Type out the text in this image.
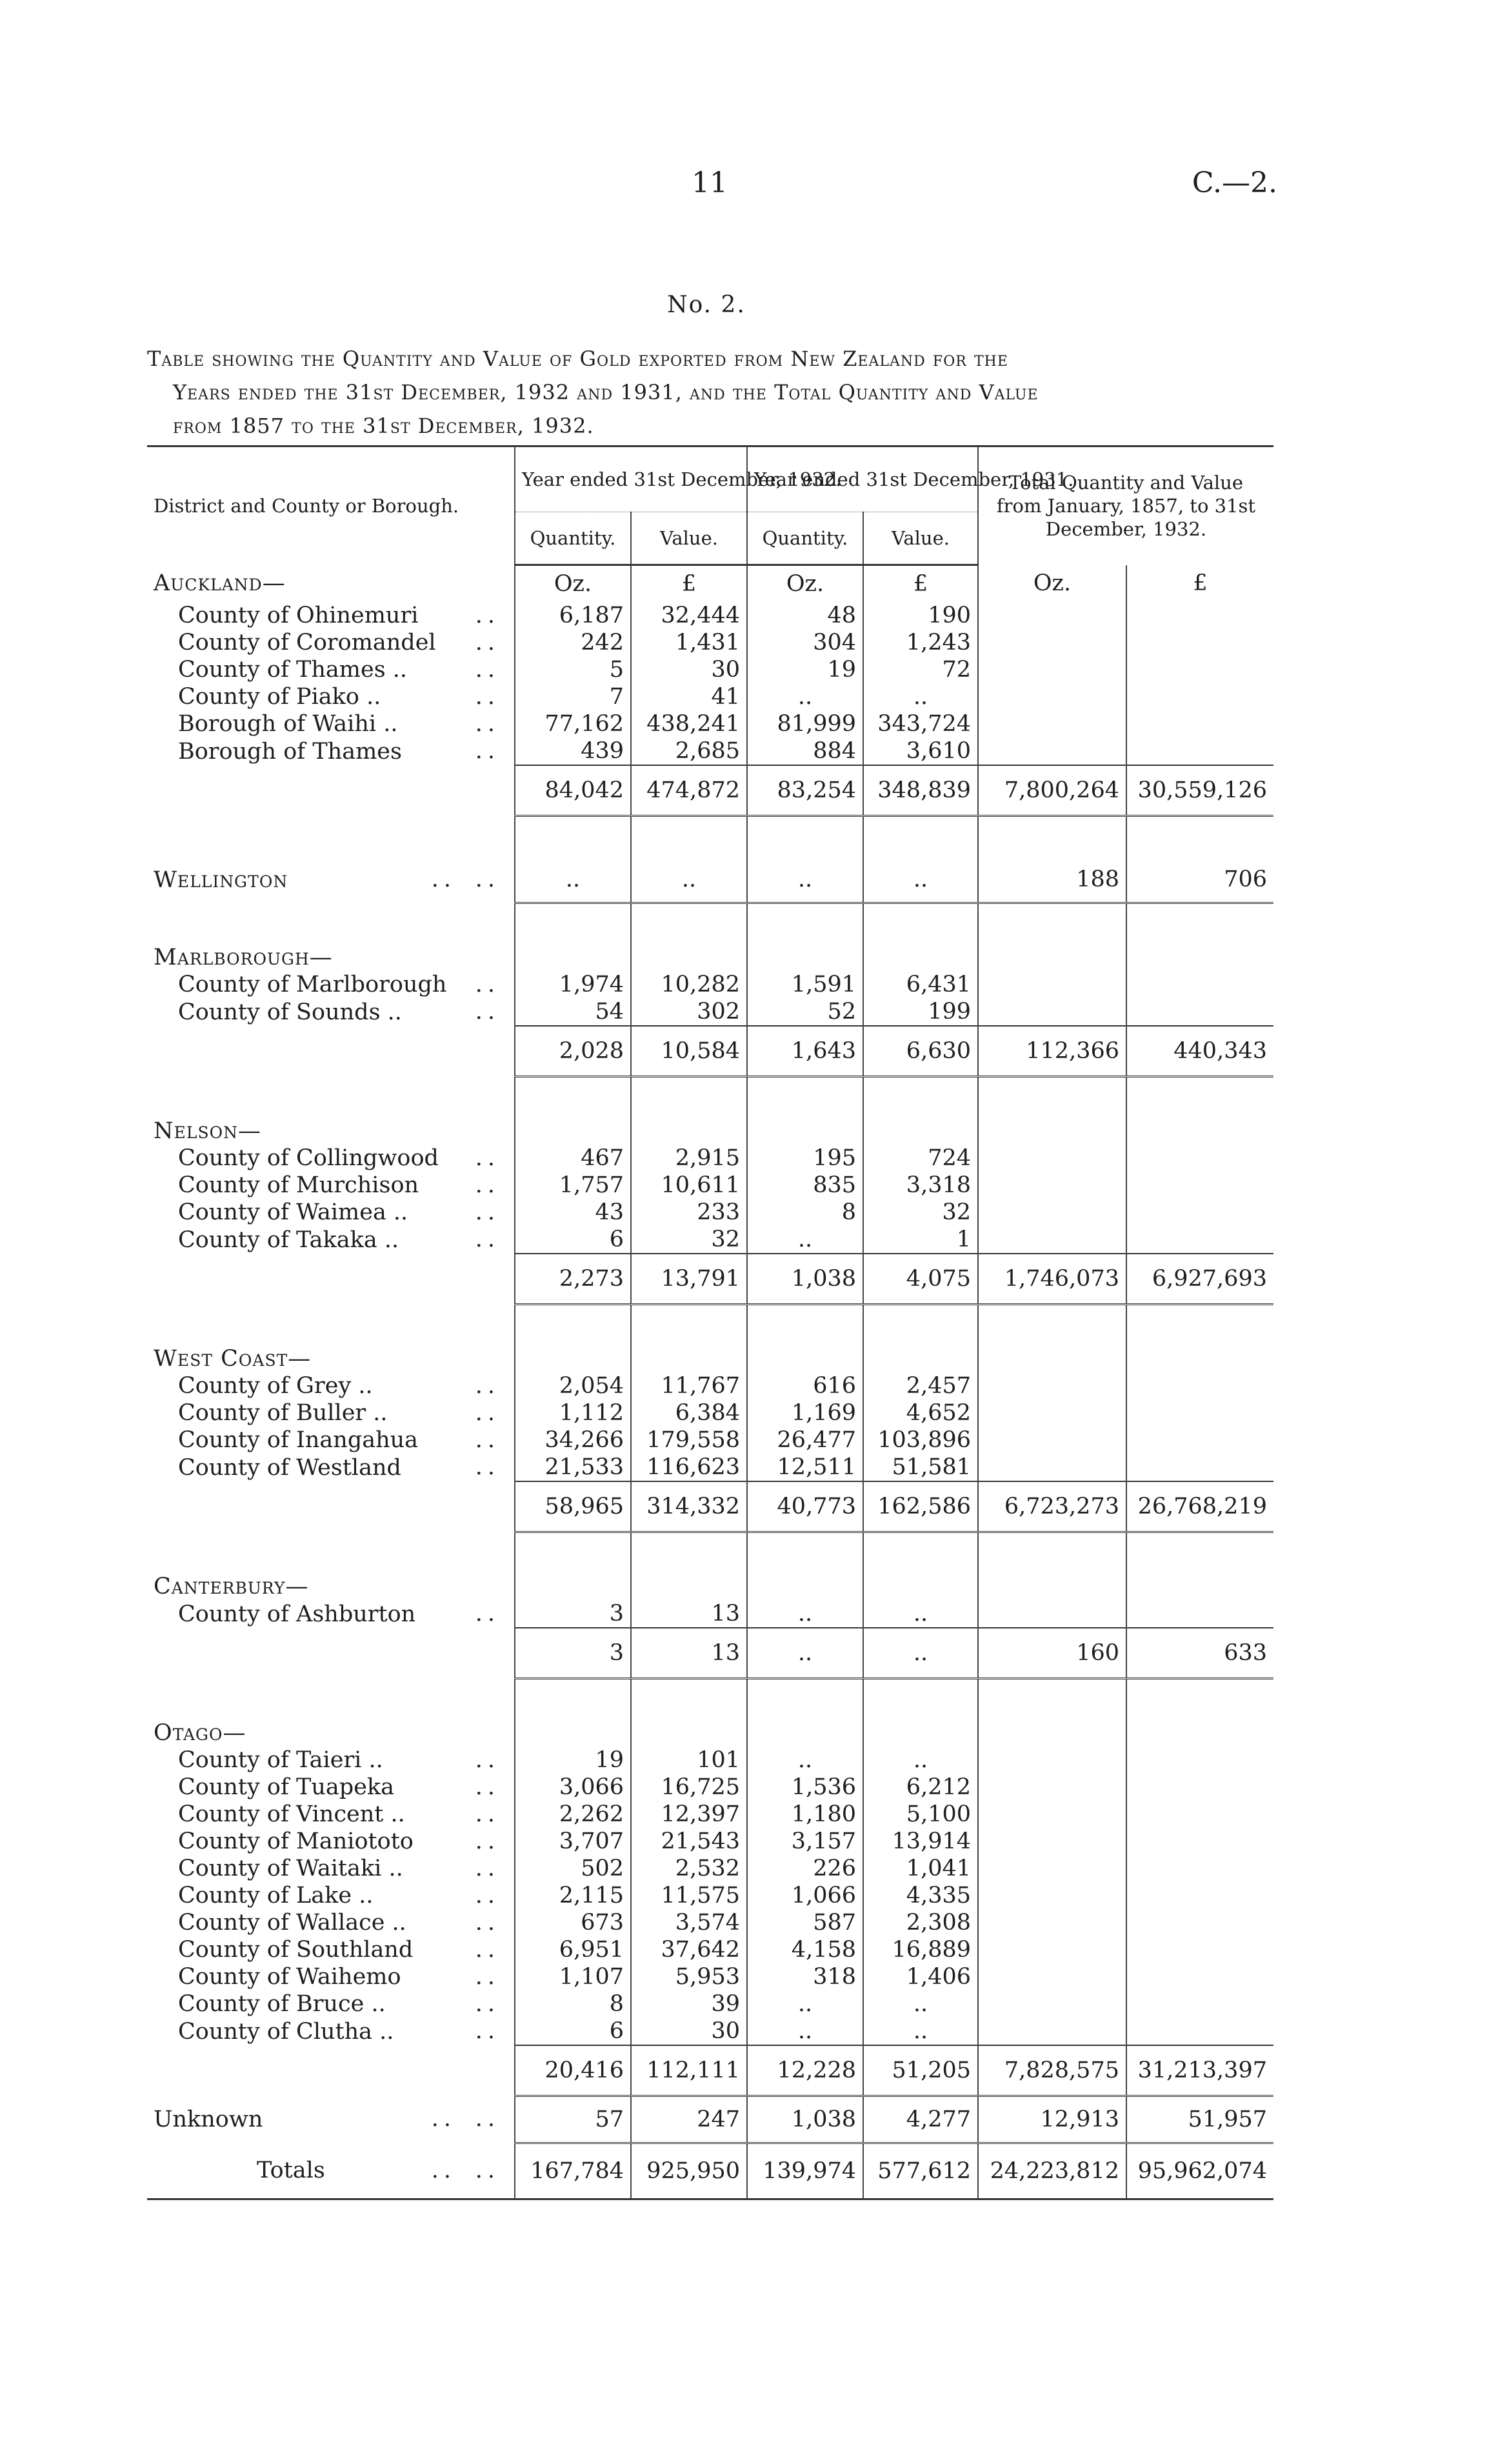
11	C.—2.
No. 2.
Table showing the Quantity and Value of Gold exported from New Zealand for the
Years ended the 31st December, 1932 and 1931, and the Total Quantity and Value
from 1857 to the 31st December, 1932.
District and County or Borough.	Year ended 31st December, 1932.		Year ended 31st December, 1931.		Total Quantity and Value from January, 1857, to 31st December, 1932.	
	Quantity.	Value.	Quantity.	Value.		
Auckland—	Oz.	£	Oz.	£	Oz.	£
County of Ohinemuri ..	6,187	32,444	48	190		
County of Coromandel ..	242	1,431	304	1,243		
County of Thames .. ..	5	30	19	72		
County of Piako .. ..	7	41	..	..		
Borough of Waihi .. ..	77,162	438,241	81,999	343,724		
Borough of Thames ..	439	2,685	884	3,610		
	84,042	474,872	83,254	348,839	7,800,264	30,559,126

Wellington .. ..	..	..	..	..	188	706

Marlborough—						
County of Marlborough ..	1,974	10,282	1,591	6,431		
County of Sounds .. ..	54	302	52	199		
	2,028	10,584	1,643	6,630	112,366	440,343

Nelson—						
County of Collingwood ..	467	2,915	195	724		
County of Murchison ..	1,757	10,611	835	3,318		
County of Waimea .. ..	43	233	8	32		
County of Takaka .. ..	6	32	..	1		
	2,273	13,791	1,038	4,075	1,746,073	6,927,693

West Coast—						
County of Grey .. ..	2,054	11,767	616	2,457		
County of Buller .. ..	1,112	6,384	1,169	4,652		
County of Inangahua ..	34,266	179,558	26,477	103,896		
County of Westland ..	21,533	116,623	12,511	51,581		
	58,965	314,332	40,773	162,586	6,723,273	26,768,219

Canterbury—						
County of Ashburton ..	3	13	..	..		
	3	13	..	..	160	633

Otago—						
County of Taieri .. ..	19	101	..	..		
County of Tuapeka ..	3,066	16,725	1,536	6,212		
County of Vincent .. ..	2,262	12,397	1,180	5,100		
County of Maniototo ..	3,707	21,543	3,157	13,914		
County of Waitaki .. ..	502	2,532	226	1,041		
County of Lake .. ..	2,115	11,575	1,066	4,335		
County of Wallace .. ..	673	3,574	587	2,308		
County of Southland ..	6,951	37,642	4,158	16,889		
County of Waihemo ..	1,107	5,953	318	1,406		
County of Bruce .. ..	8	39	..	..		
County of Clutha .. ..	6	30	..	..		
	20,416	112,111	12,228	51,205	7,828,575	31,213,397
Unknown .. ..	57	247	1,038	4,277	12,913	51,957
Totals .. ..	167,784	925,950	139,974	577,612	24,223,812	95,962,074
